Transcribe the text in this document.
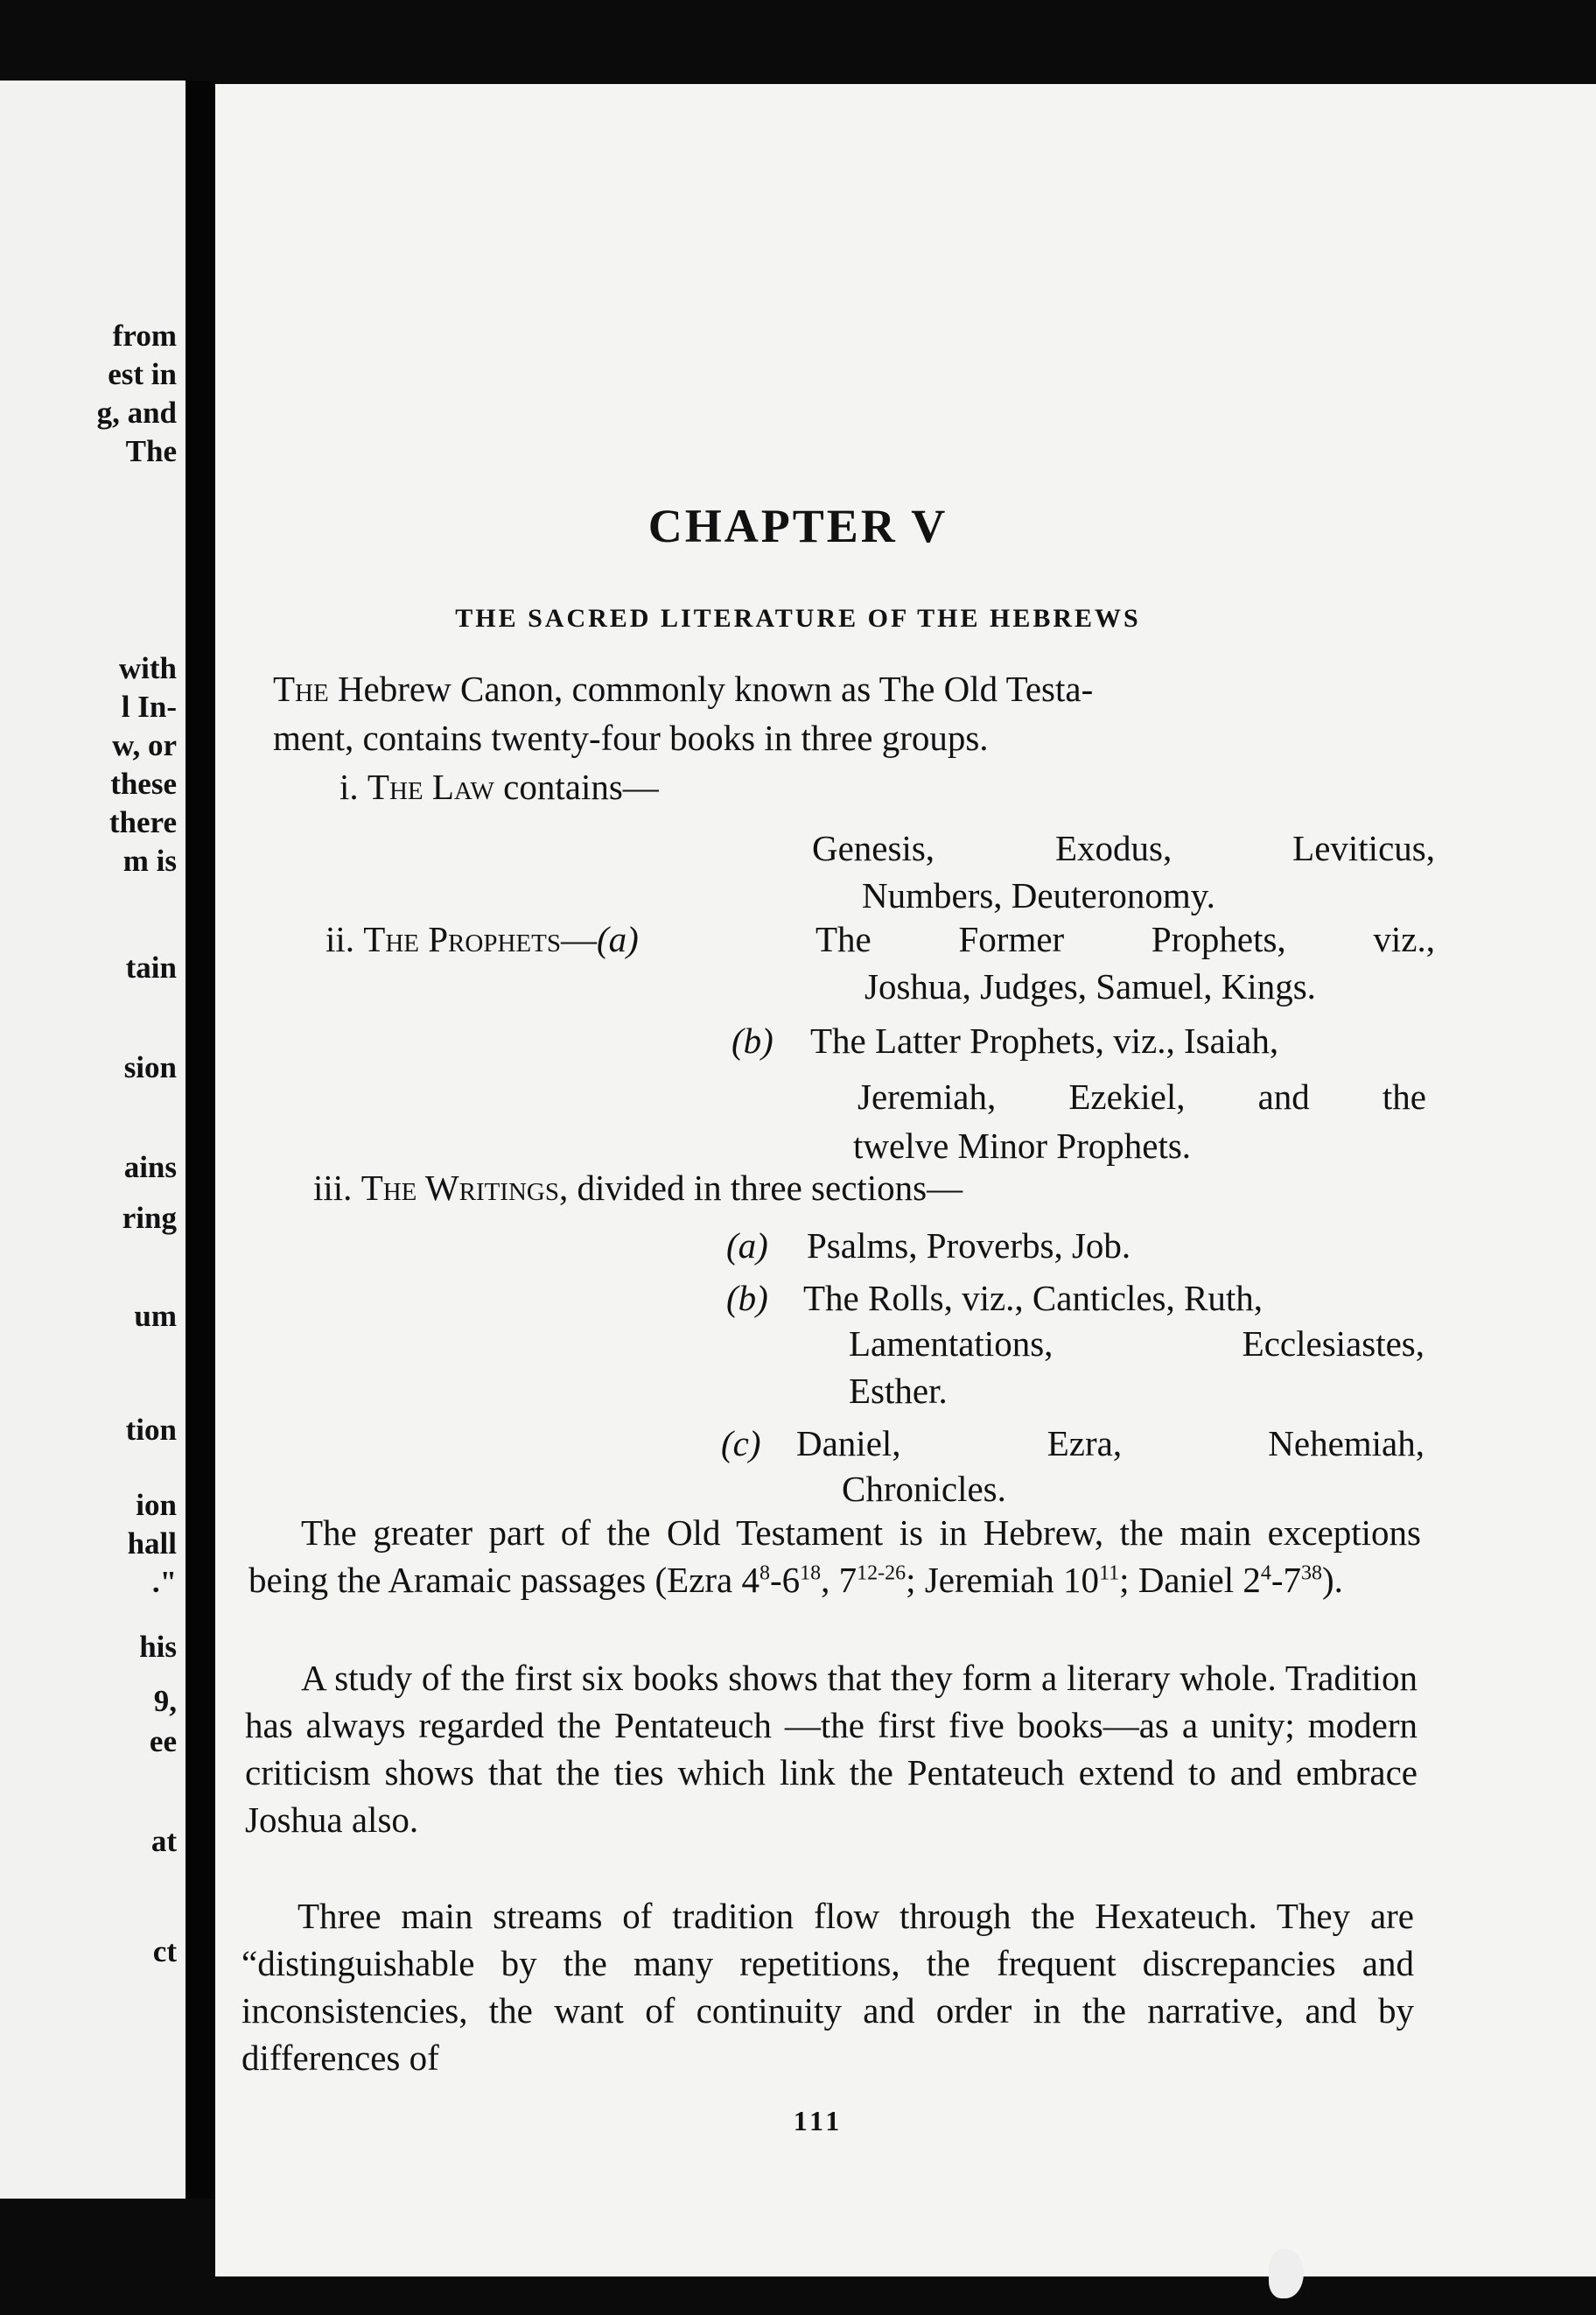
from
est in
g, and
The
with
l In-
w, or
these
there
m is
tain
sion
ains
ring
um
tion
ion
hall
."
his
9,
ee
at
ct
CHAPTER V
THE SACRED LITERATURE OF THE HEBREWS
The Hebrew Canon, commonly known as The Old Testa-
ment, contains twenty-four books in three groups.
i. The Law contains—
Genesis,	Exodus,	Leviticus,
Numbers, Deuteronomy.
ii. The Prophets—(a)	The Former Prophets, viz.,
Joshua, Judges, Samuel, Kings.
(b) The Latter Prophets, viz., Isaiah,
Jeremiah, Ezekiel, and the
twelve Minor Prophets.
iii. The Writings, divided in three sections—
(a) Psalms, Proverbs, Job.
(b) The Rolls, viz., Canticles, Ruth,
Lamentations,	Ecclesiastes,
Esther.
(c) Daniel,	Ezra,	Nehemiah,
Chronicles.
The greater part of the Old Testament is in Hebrew, the main exceptions being the Aramaic passages (Ezra $4^8-6^{18}$, 7$^{12-26}$; Jeremiah $10^{11}$; Daniel $2^4-7^{38}$).
A study of the first six books shows that they form a literary whole. Tradition has always regarded the Pentateuch —the first five books—as a unity; modern criticism shows that the ties which link the Pentateuch extend to and embrace Joshua also.
Three main streams of tradition flow through the Hexateuch. They are “distinguishable by the many repetitions, the frequent discrepancies and inconsistencies, the want of continuity and order in the narrative, and by differences of
111
